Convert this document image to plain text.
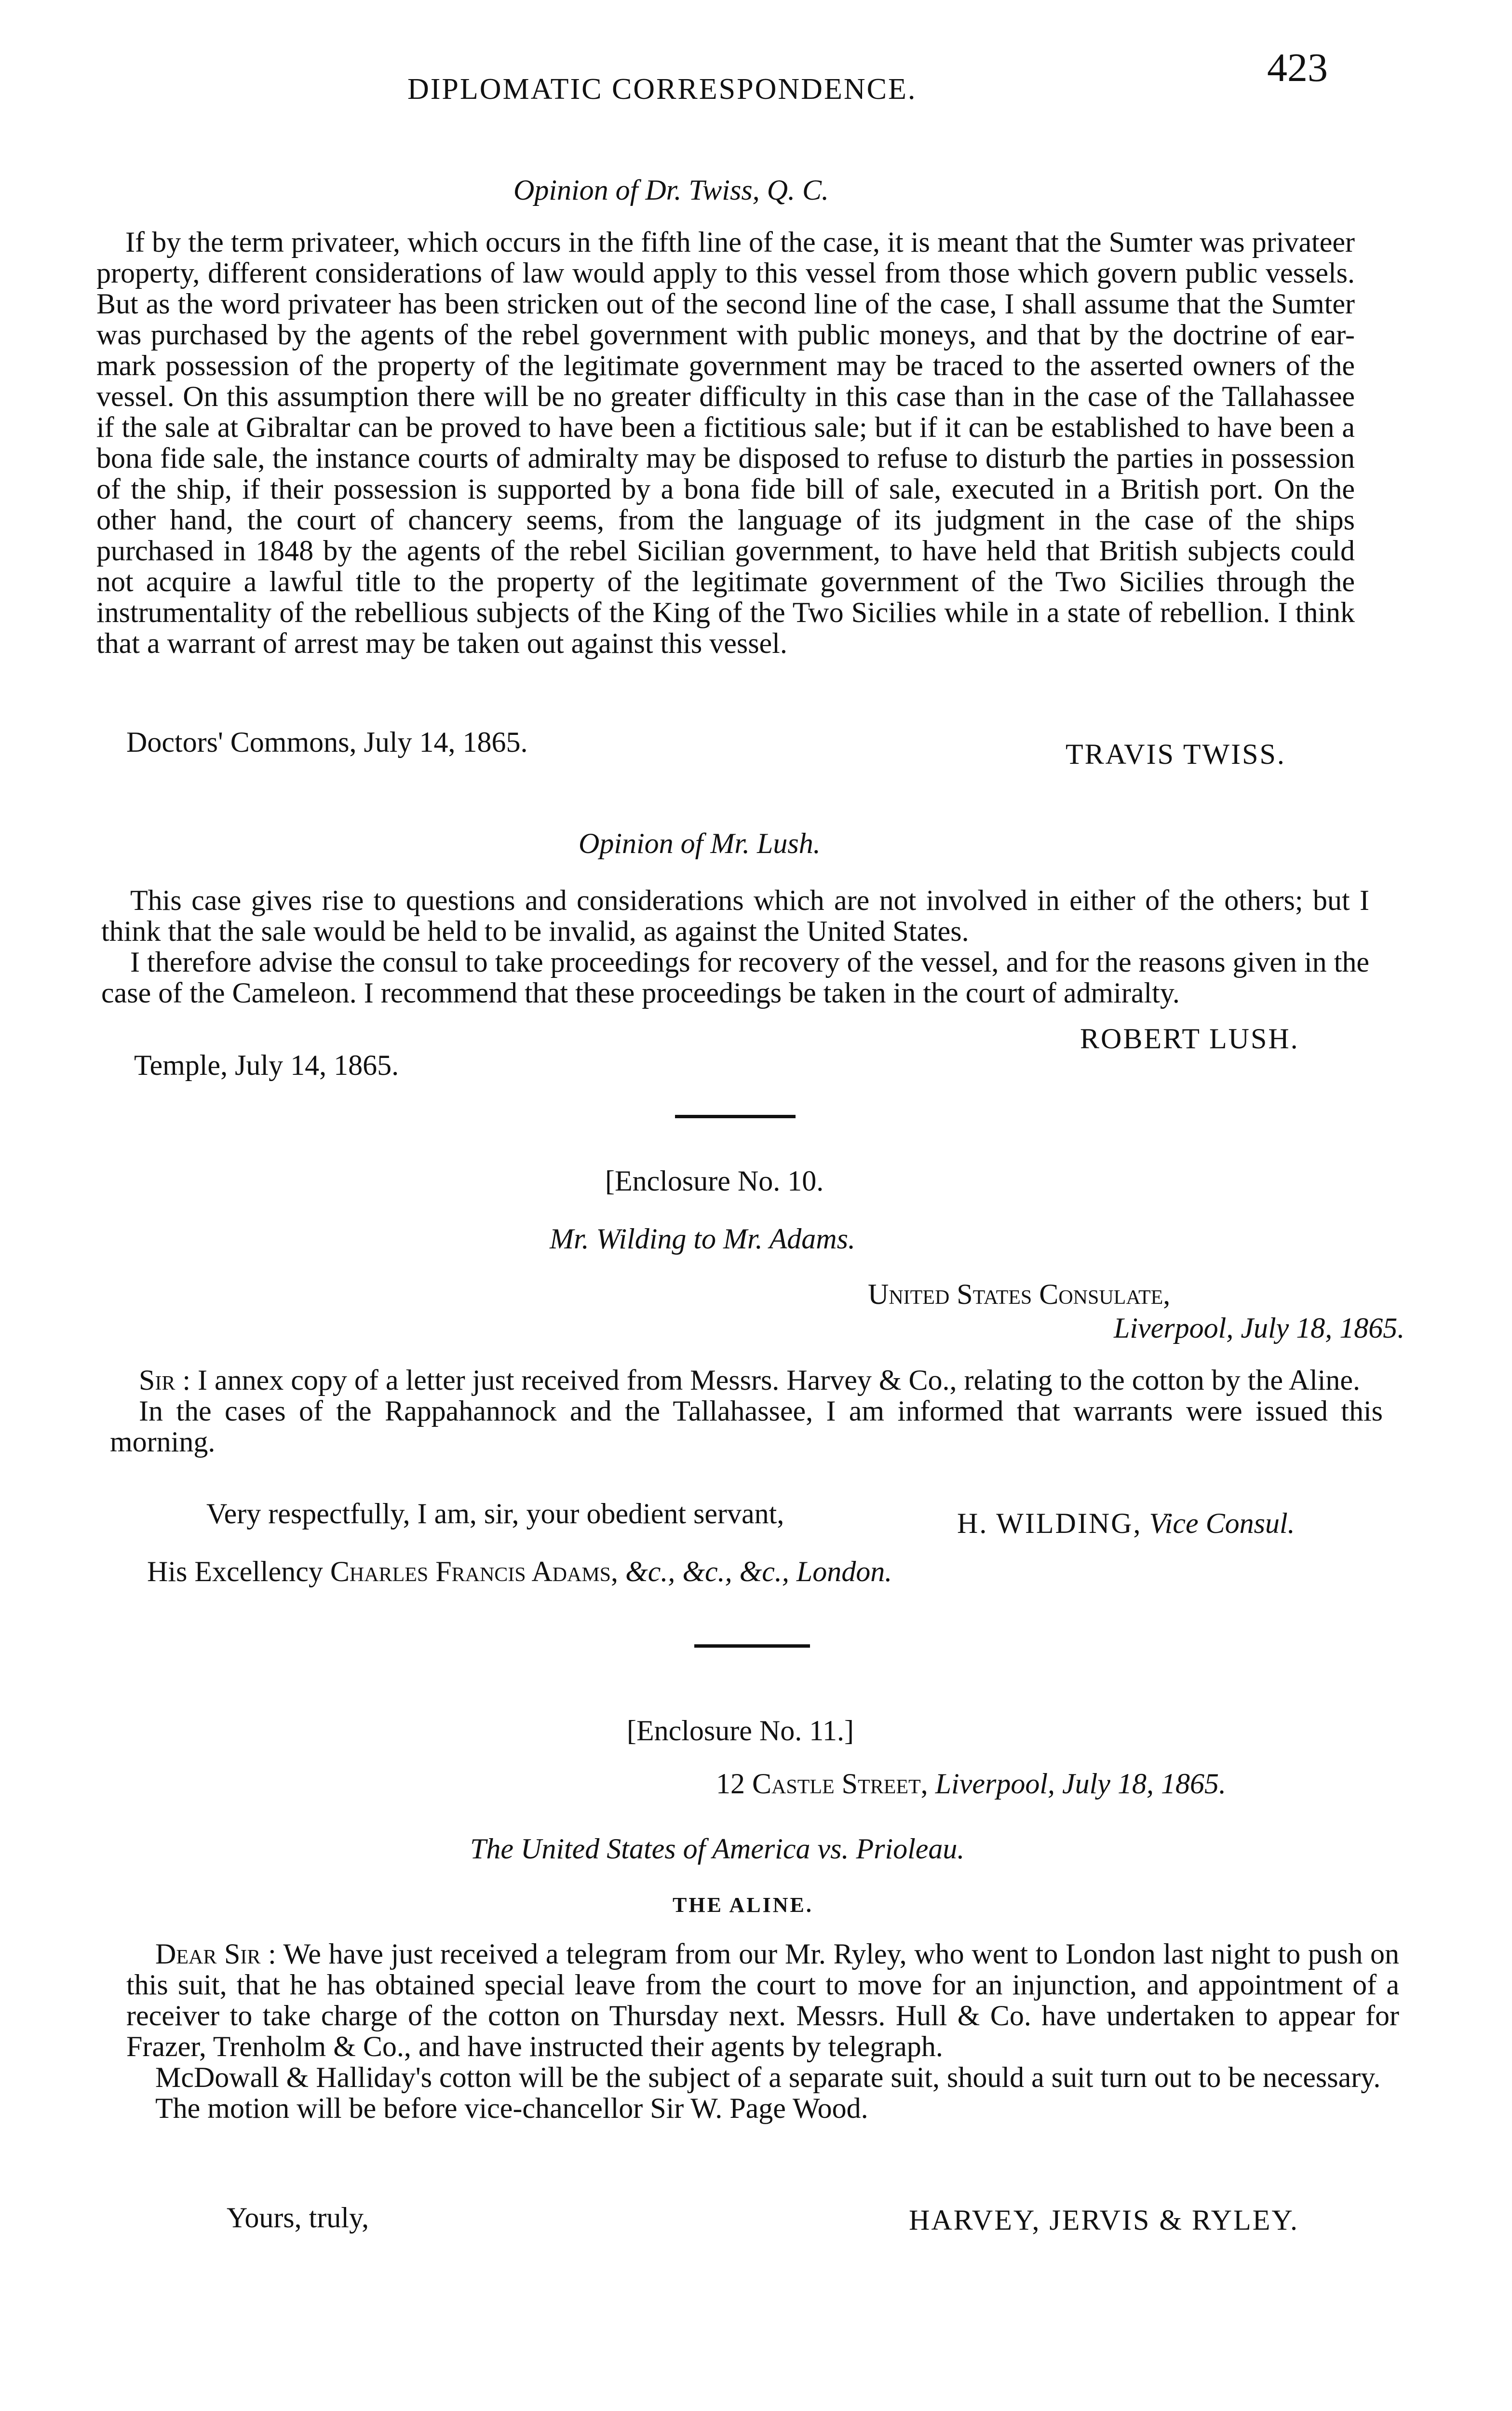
DIPLOMATIC CORRESPONDENCE.	423
Opinion of Dr. Twiss, Q. C.

If by the term privateer, which occurs in the fifth line of the case, it is meant that the Sumter was privateer property, different considerations of law would apply to this vessel from those which govern public vessels. But as the word privateer has been stricken out of the second line of the case, I shall assume that the Sumter was purchased by the agents of the rebel government with public moneys, and that by the doctrine of ear-mark possession of the property of the legitimate government may be traced to the asserted owners of the vessel. On this assumption there will be no greater difficulty in this case than in the case of the Tallahassee if the sale at Gibraltar can be proved to have been a fictitious sale; but if it can be established to have been a bona fide sale, the instance courts of admiralty may be disposed to refuse to disturb the parties in possession of the ship, if their possession is supported by a bona fide bill of sale, executed in a British port. On the other hand, the court of chancery seems, from the language of its judgment in the case of the ships purchased in 1848 by the agents of the rebel Sicilian government, to have held that British subjects could not acquire a lawful title to the property of the legitimate government of the Two Sicilies through the instrumentality of the rebellious subjects of the King of the Two Sicilies while in a state of rebellion. I think that a warrant of arrest may be taken out against this vessel.

Doctors' Commons, July 14, 1865.	TRAVIS TWISS.
Opinion of Mr. Lush.

This case gives rise to questions and considerations which are not involved in either of the others; but I think that the sale would be held to be invalid, as against the United States.

I therefore advise the consul to take proceedings for recovery of the vessel, and for the reasons given in the case of the Cameleon. I recommend that these proceedings be taken in the court of admiralty.

Temple, July 14, 1865.
ROBERT LUSH.
[Enclosure No. 10.
Mr. Wilding to Mr. Adams.
United States Consulate,
Liverpool, July 18, 1865.

Sir : I annex copy of a letter just received from Messrs. Harvey & Co., relating to the cotton by the Aline.

In the cases of the Rappahannock and the Tallahassee, I am informed that warrants were issued this morning.

Very respectfully, I am, sir, your obedient servant,	H. WILDING, Vice Consul.
His Excellency Charles Francis Adams, &c., &c., &c., London.
[Enclosure No. 11.]
12 Castle Street, Liverpool, July 18, 1865.
The United States of America vs. Prioleau.
THE ALINE.

Dear Sir : We have just received a telegram from our Mr. Ryley, who went to London last night to push on this suit, that he has obtained special leave from the court to move for an injunction, and appointment of a receiver to take charge of the cotton on Thursday next. Messrs. Hull & Co. have undertaken to appear for Frazer, Trenholm & Co., and have instructed their agents by telegraph.

McDowall & Halliday's cotton will be the subject of a separate suit, should a suit turn out to be necessary.

The motion will be before vice-chancellor Sir W. Page Wood.

Yours, truly,	HARVEY, JERVIS & RYLEY.
